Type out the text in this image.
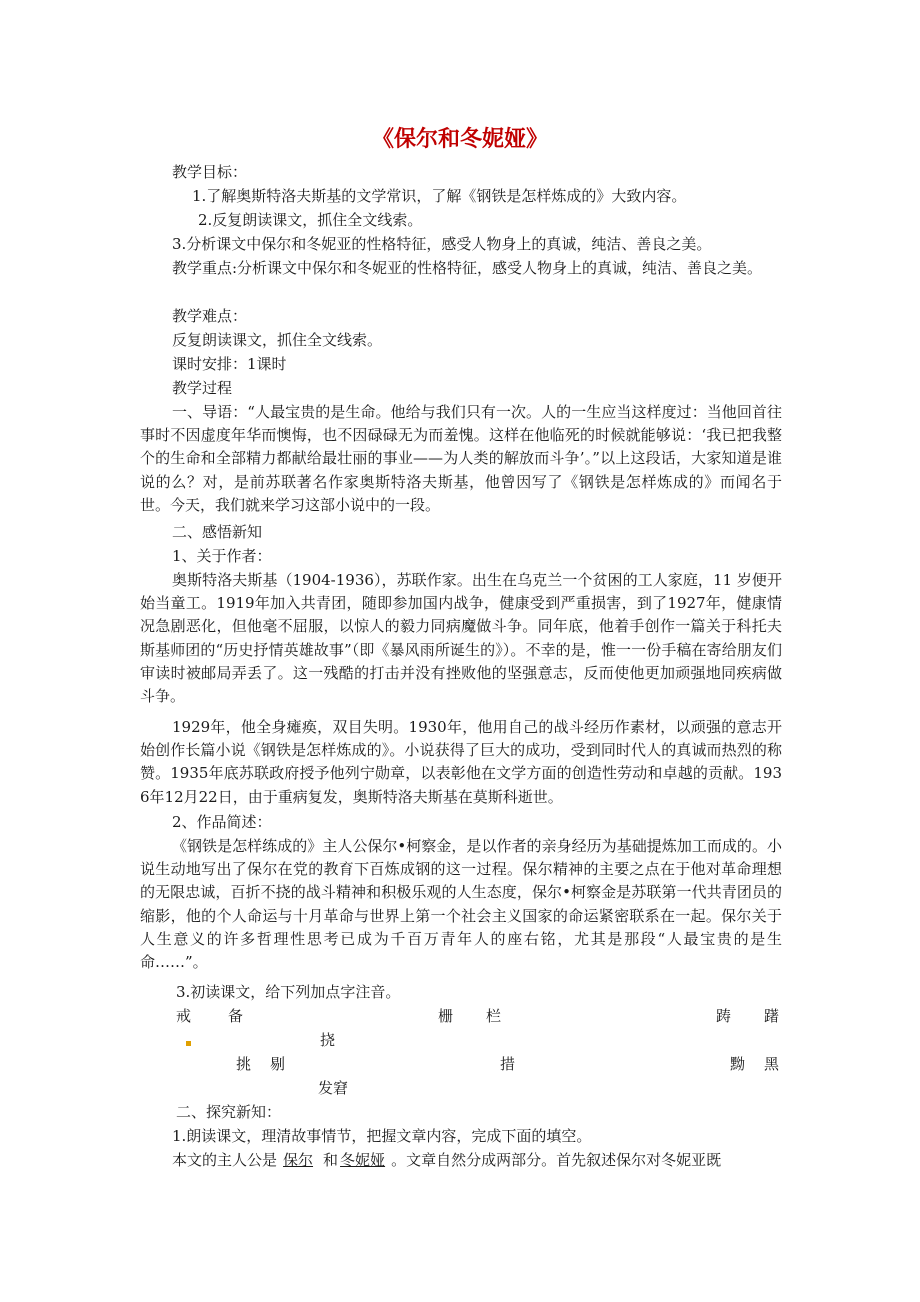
《保尔和冬妮娅》
教学目标：
1.了解奥斯特洛夫斯基的文学常识，了解《钢铁是怎样炼成的》大致内容。
2.反复朗读课文，抓住全文线索。
3.分析课文中保尔和冬妮亚的性格特征，感受人物身上的真诚，纯洁、善良之美。
教学重点:分析课文中保尔和冬妮亚的性格特征，感受人物身上的真诚，纯洁、善良之美。
教学难点：
反复朗读课文，抓住全文线索。
课时安排：1课时
教学过程
一、导语：“人最宝贵的是生命。他给与我们只有一次。人的一生应当这样度过：当他回首往事时不因虚度年华而懊悔，也不因碌碌无为而羞愧。这样在他临死的时候就能够说：‘我已把我整个的生命和全部精力都献给最壮丽的事业——为人类的解放而斗争’。”以上这段话，大家知道是谁说的么？对，是前苏联著名作家奥斯特洛夫斯基，他曾因写了《钢铁是怎样炼成的》而闻名于世。今天，我们就来学习这部小说中的一段。
二、感悟新知
1、关于作者：
奥斯特洛夫斯基（1904-1936），苏联作家。出生在乌克兰一个贫困的工人家庭，11 岁便开始当童工。1919年加入共青团，随即参加国内战争，健康受到严重损害，到了1927年，健康情况急剧恶化，但他毫不屈服，以惊人的毅力同病魔做斗争。同年底，他着手创作一篇关于科托夫斯基师团的“历史抒情英雄故事”（即《暴风雨所诞生的》）。不幸的是，惟一一份手稿在寄给朋友们审读时被邮局弄丢了。这一残酷的打击并没有挫败他的坚强意志，反而使他更加顽强地同疾病做斗争。
1929年，他全身瘫痪，双目失明。1930年，他用自己的战斗经历作素材，以顽强的意志开始创作长篇小说《钢铁是怎样炼成的》。小说获得了巨大的成功，受到同时代人的真诚而热烈的称赞。1935年底苏联政府授予他列宁勋章，以表彰他在文学方面的创造性劳动和卓越的贡献。1936年12月22日，由于重病复发，奥斯特洛夫斯基在莫斯科逝世。
2、作品简述：
《钢铁是怎样练成的》主人公保尔•柯察金，是以作者的亲身经历为基础提炼加工而成的。小说生动地写出了保尔在党的教育下百炼成钢的这一过程。保尔精神的主要之点在于他对革命理想的无限忠诚，百折不挠的战斗精神和积极乐观的人生态度，保尔•柯察金是苏联第一代共青团员的缩影，他的个人命运与十月革命与世界上第一个社会主义国家的命运紧密联系在一起。保尔关于人生意义的许多哲理性思考已成为千百万青年人的座右铭，尤其是那段“人最宝贵的是生命……”。
3.初读课文，给下列加点字注音。
戒 备	栅 栏	踌 躇
挠
挑 剔	措	黝 黑
发窘
二、探究新知：
1.朗读课文，理清故事情节，把握文章内容，完成下面的填空。
本文的主人公是 保尔 和 冬妮娅 。文章自然分成两部分。首先叙述保尔对冬妮亚既
